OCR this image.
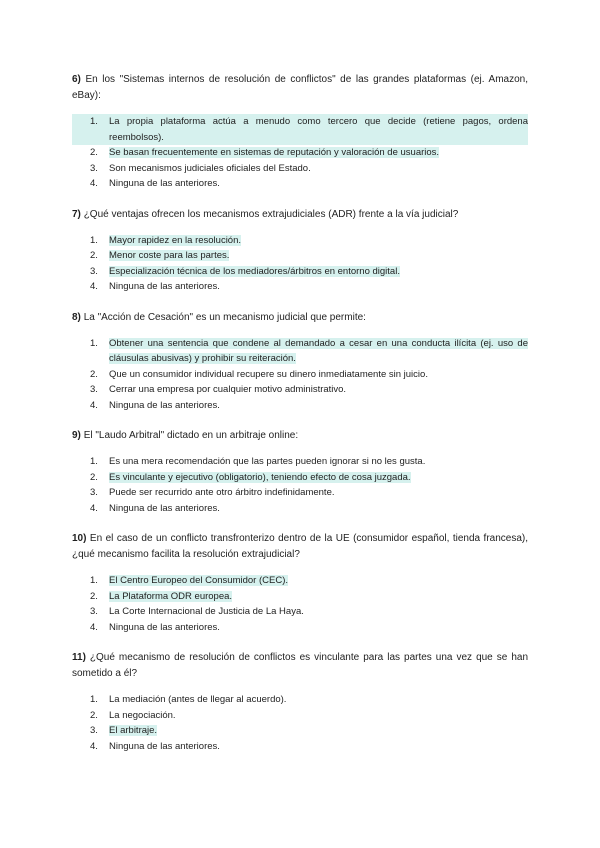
6) En los "Sistemas internos de resolución de conflictos" de las grandes plataformas (ej. Amazon, eBay):

1. La propia plataforma actúa a menudo como tercero que decide (retiene pagos, ordena reembolsos).
2. Se basan frecuentemente en sistemas de reputación y valoración de usuarios.
3. Son mecanismos judiciales oficiales del Estado.
4. Ninguna de las anteriores.

7) ¿Qué ventajas ofrecen los mecanismos extrajudiciales (ADR) frente a la vía judicial?

1. Mayor rapidez en la resolución.
2. Menor coste para las partes.
3. Especialización técnica de los mediadores/árbitros en entorno digital.
4. Ninguna de las anteriores.

8) La "Acción de Cesación" es un mecanismo judicial que permite:

1. Obtener una sentencia que condene al demandado a cesar en una conducta ilícita (ej. uso de cláusulas abusivas) y prohibir su reiteración.
2. Que un consumidor individual recupere su dinero inmediatamente sin juicio.
3. Cerrar una empresa por cualquier motivo administrativo.
4. Ninguna de las anteriores.

9) El "Laudo Arbitral" dictado en un arbitraje online:

1. Es una mera recomendación que las partes pueden ignorar si no les gusta.
2. Es vinculante y ejecutivo (obligatorio), teniendo efecto de cosa juzgada.
3. Puede ser recurrido ante otro árbitro indefinidamente.
4. Ninguna de las anteriores.

10) En el caso de un conflicto transfronterizo dentro de la UE (consumidor español, tienda francesa), ¿qué mecanismo facilita la resolución extrajudicial?

1. El Centro Europeo del Consumidor (CEC).
2. La Plataforma ODR europea.
3. La Corte Internacional de Justicia de La Haya.
4. Ninguna de las anteriores.

11) ¿Qué mecanismo de resolución de conflictos es vinculante para las partes una vez que se han sometido a él?

1. La mediación (antes de llegar al acuerdo).
2. La negociación.
3. El arbitraje.
4. Ninguna de las anteriores.
